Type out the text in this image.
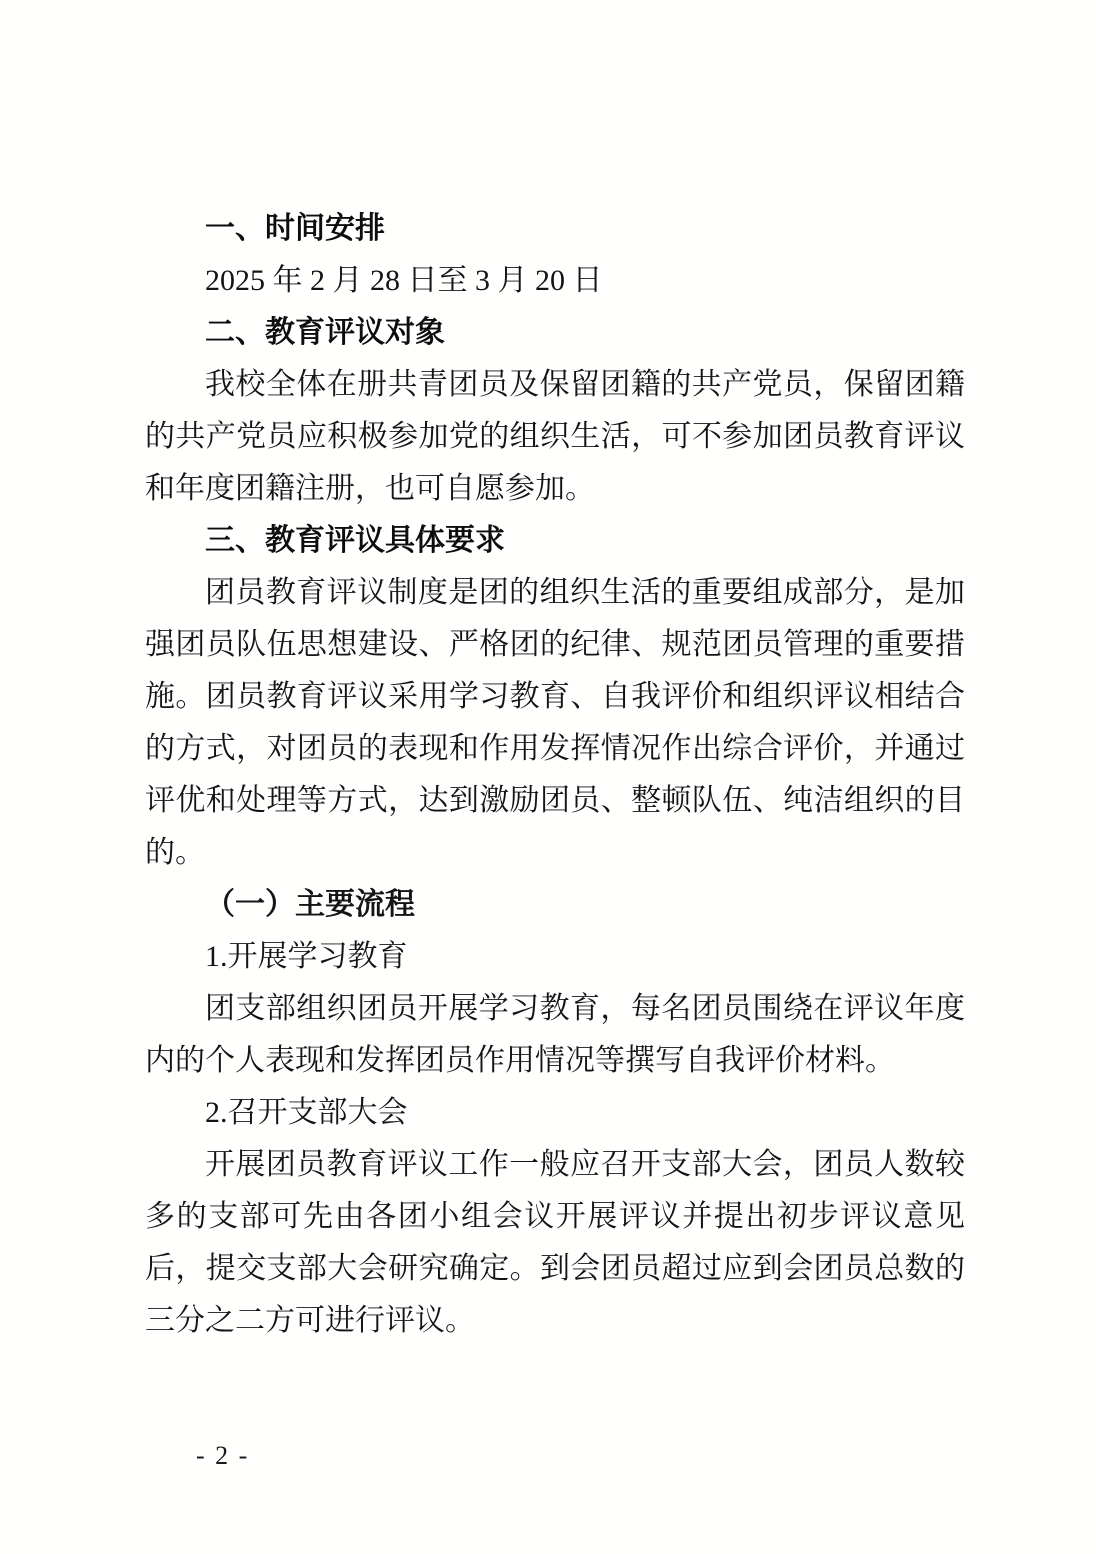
一、时间安排

2025 年 2 月 28 日至 3 月 20 日

二、教育评议对象

我校全体在册共青团员及保留团籍的共产党员，保留团籍的共产党员应积极参加党的组织生活，可不参加团员教育评议和年度团籍注册，也可自愿参加。

三、教育评议具体要求

团员教育评议制度是团的组织生活的重要组成部分，是加强团员队伍思想建设、严格团的纪律、规范团员管理的重要措施。团员教育评议采用学习教育、自我评价和组织评议相结合的方式，对团员的表现和作用发挥情况作出综合评价，并通过评优和处理等方式，达到激励团员、整顿队伍、纯洁组织的目的。

（一）主要流程

1.开展学习教育

团支部组织团员开展学习教育，每名团员围绕在评议年度内的个人表现和发挥团员作用情况等撰写自我评价材料。

2.召开支部大会

开展团员教育评议工作一般应召开支部大会，团员人数较多的支部可先由各团小组会议开展评议并提出初步评议意见后，提交支部大会研究确定。到会团员超过应到会团员总数的三分之二方可进行评议。

- 2 -
